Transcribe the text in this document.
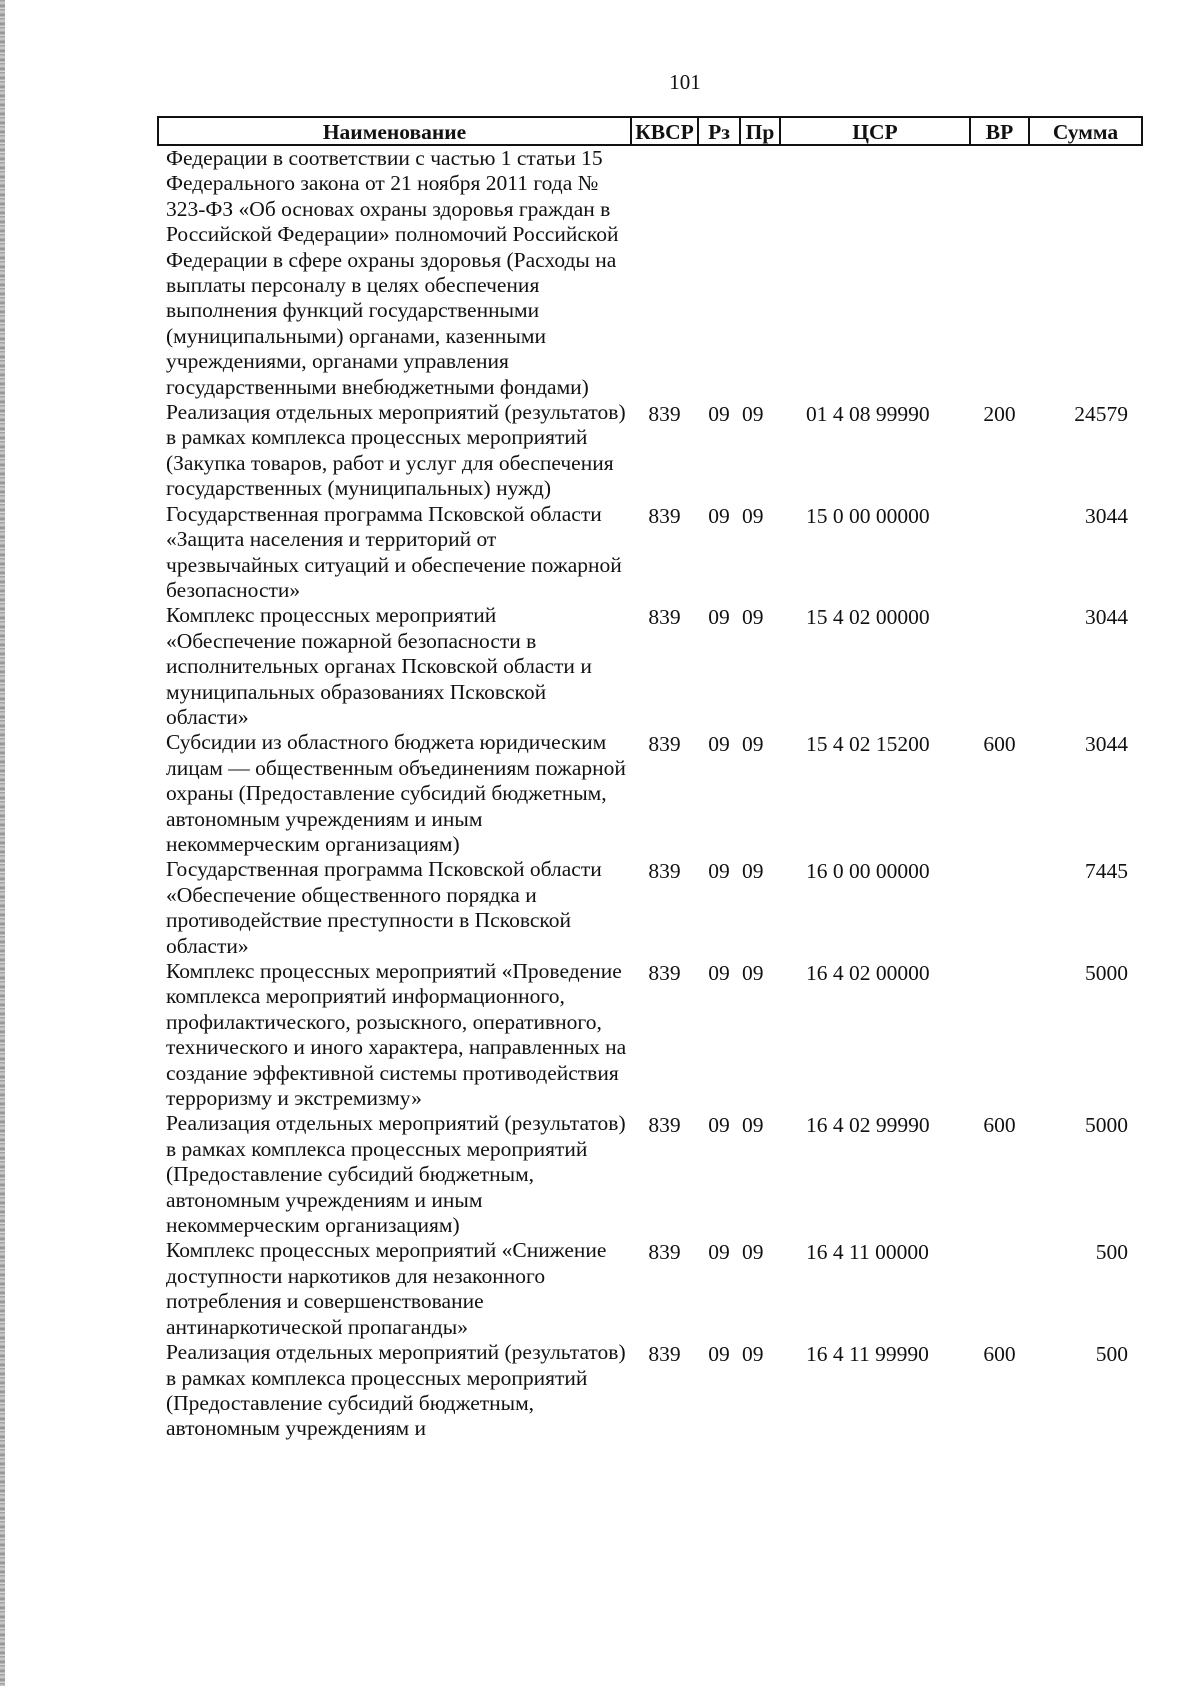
101
Наименование	КВСР	Рз	Пр	ЦСР	ВР	Сумма
Федерации в соответствии с частью 1 статьи 15 Федерального закона от 21 ноября 2011 года № 323-ФЗ «Об основах охраны здоровья граждан в Российской Федерации» полномочий Российской Федерации в сфере охраны здоровья (Расходы на выплаты персоналу в целях обеспечения выполнения функций государственными (муниципальными) органами, казенными учреждениями, органами управления государственными внебюджетными фондами)						
Реализация отдельных мероприятий (результатов) в рамках комплекса процессных мероприятий (Закупка товаров, работ и услуг для обеспечения государственных (муниципальных) нужд)	839	09	09	01 4 08 99990	200	24579
Государственная программа Псковской области «Защита населения и территорий от чрезвычайных ситуаций и обеспечение пожарной безопасности»	839	09	09	15 0 00 00000		3044
Комплекс процессных мероприятий «Обеспечение пожарной безопасности в исполнительных органах Псковской области и муниципальных образованиях Псковской области»	839	09	09	15 4 02 00000		3044
Субсидии из областного бюджета юридическим лицам — общественным объединениям пожарной охраны (Предоставление субсидий бюджетным, автономным учреждениям и иным некоммерческим организациям)	839	09	09	15 4 02 15200	600	3044
Государственная программа Псковской области «Обеспечение общественного порядка и противодействие преступности в Псковской области»	839	09	09	16 0 00 00000		7445
Комплекс процессных мероприятий «Проведение комплекса мероприятий информационного, профилактического, розыскного, оперативного, технического и иного характера, направленных на создание эффективной системы противодействия терроризму и экстремизму»	839	09	09	16 4 02 00000		5000
Реализация отдельных мероприятий (результатов) в рамках комплекса процессных мероприятий (Предоставление субсидий бюджетным, автономным учреждениям и иным некоммерческим организациям)	839	09	09	16 4 02 99990	600	5000
Комплекс процессных мероприятий «Снижение доступности наркотиков для незаконного потребления и совершенствование антинаркотической пропаганды»	839	09	09	16 4 11 00000		500
Реализация отдельных мероприятий (результатов) в рамках комплекса процессных мероприятий (Предоставление субсидий бюджетным, автономным учреждениям и	839	09	09	16 4 11 99990	600	500
